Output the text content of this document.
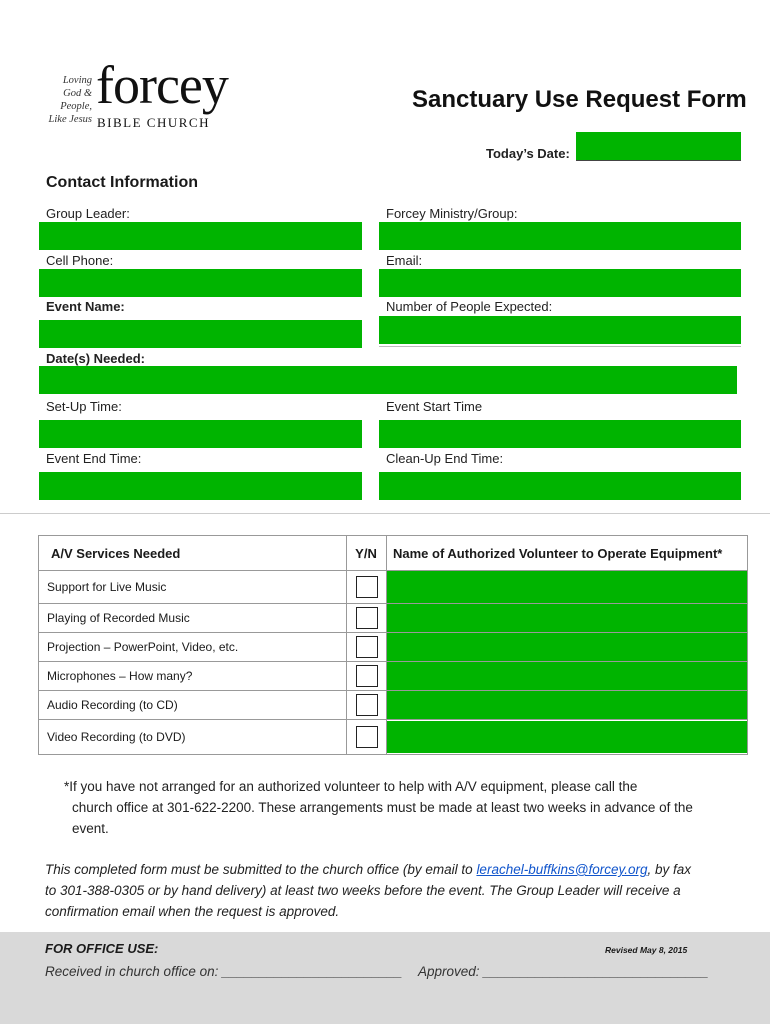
Loving
God &
People,
Like Jesus
forcey
BIBLE CHURCH
Sanctuary Use Request Form
Today’s Date:
Contact Information
Group Leader:	Forcey Ministry/Group:
Cell Phone:	Email:
Event Name:	Number of People Expected:
Date(s) Needed:
Set-Up Time:	Event Start Time
Event End Time:	Clean-Up End Time:
A/V Services Needed	Y/N	Name of Authorized Volunteer to Operate Equipment*
Support for Live Music		

Playing of Recorded Music		

Projection – PowerPoint, Video, etc.		

Microphones – How many?		

Audio Recording (to CD)		

Video Recording (to DVD)		
*If you have not arranged for an authorized volunteer to help with A/V equipment, please call the
church office at 301-622-2200. These arrangements must be made at least two weeks in advance of the
event.
This completed form must be submitted to the church office (by email to lerachel-buffkins@forcey.org, by fax
to 301-388-0305 or by hand delivery) at least two weeks before the event. The Group Leader will receive a
confirmation email when the request is approved.
FOR OFFICE USE:	Revised May 8, 2015
Received in church office on: ________________________ Approved: ______________________________
